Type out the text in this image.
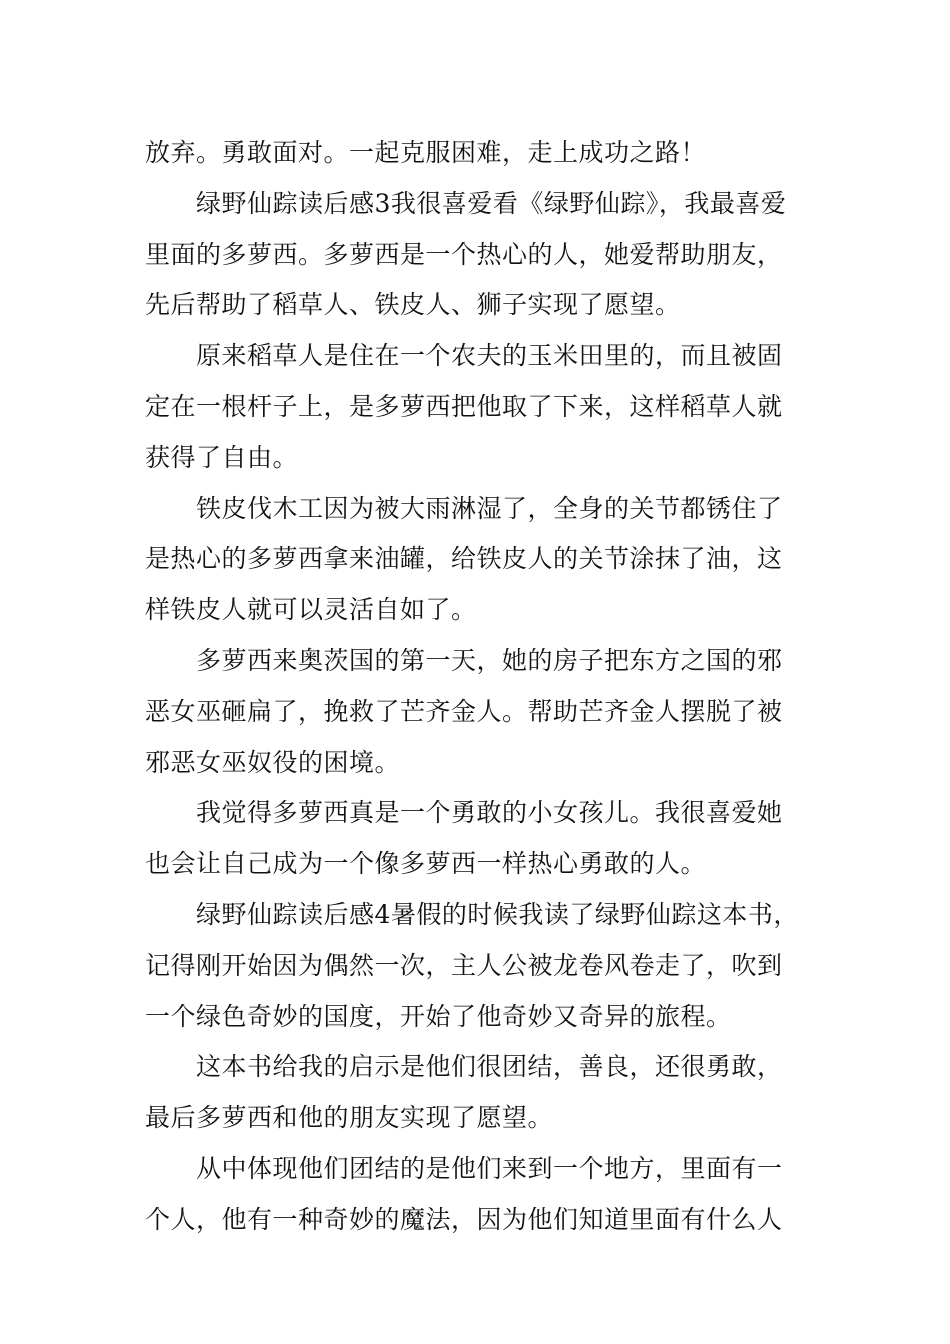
放弃。勇敢面对。一起克服困难，走上成功之路！
绿野仙踪读后感3我很喜爱看《绿野仙踪》，我最喜爱
里面的多萝西。多萝西是一个热心的人，她爱帮助朋友，
先后帮助了稻草人、铁皮人、狮子实现了愿望。
原来稻草人是住在一个农夫的玉米田里的，而且被固
定在一根杆子上，是多萝西把他取了下来，这样稻草人就
获得了自由。
铁皮伐木工因为被大雨淋湿了，全身的关节都锈住了
是热心的多萝西拿来油罐，给铁皮人的关节涂抹了油，这
样铁皮人就可以灵活自如了。
多萝西来奥茨国的第一天，她的房子把东方之国的邪
恶女巫砸扁了，挽救了芒齐金人。帮助芒齐金人摆脱了被
邪恶女巫奴役的困境。
我觉得多萝西真是一个勇敢的小女孩儿。我很喜爱她
也会让自己成为一个像多萝西一样热心勇敢的人。
绿野仙踪读后感4暑假的时候我读了绿野仙踪这本书，
记得刚开始因为偶然一次，主人公被龙卷风卷走了，吹到
一个绿色奇妙的国度，开始了他奇妙又奇异的旅程。
这本书给我的启示是他们很团结，善良，还很勇敢，
最后多萝西和他的朋友实现了愿望。
从中体现他们团结的是他们来到一个地方，里面有一
个人，他有一种奇妙的魔法，因为他们知道里面有什么人
